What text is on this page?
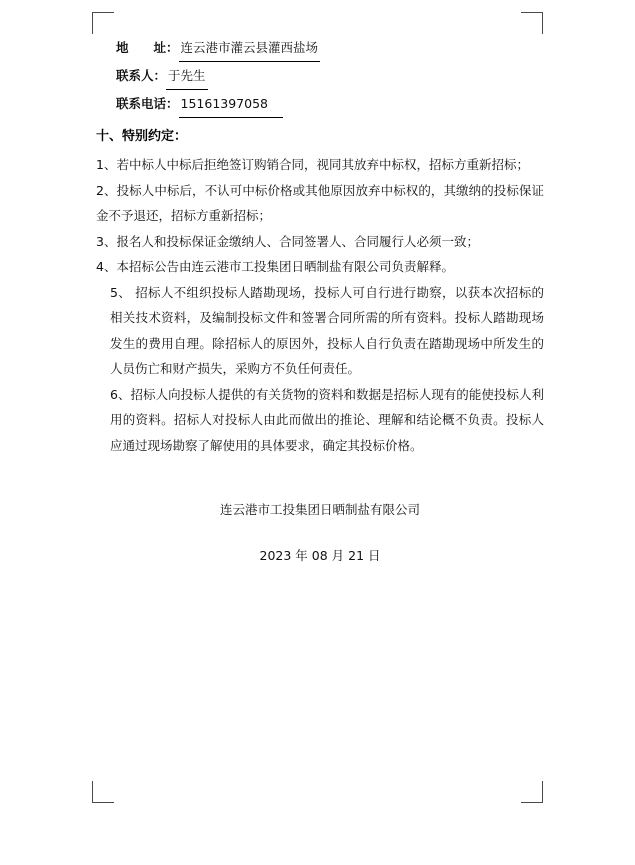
地　　址： 连云港市灌云县灌西盐场
联系人： 于先生
联系电话： 15161397058　
十、特别约定：

1、若中标人中标后拒绝签订购销合同，视同其放弃中标权，招标方重新招标；

2、投标人中标后，不认可中标价格或其他原因放弃中标权的，其缴纳的投标保证金不予退还，招标方重新招标；

3、报名人和投标保证金缴纳人、合同签署人、合同履行人必须一致；

4、本招标公告由连云港市工投集团日晒制盐有限公司负责解释。

5、 招标人不组织投标人踏勘现场，投标人可自行进行勘察，以获本次招标的相关技术资料，及编制投标文件和签署合同所需的所有资料。投标人踏勘现场发生的费用自理。除招标人的原因外，投标人自行负责在踏勘现场中所发生的人员伤亡和财产损失，采购方不负任何责任。

6、招标人向投标人提供的有关货物的资料和数据是招标人现有的能使投标人利用的资料。招标人对投标人由此而做出的推论、理解和结论概不负责。投标人应通过现场勘察了解使用的具体要求，确定其投标价格。

连云港市工投集团日晒制盐有限公司
2023 年 08 月 21 日
